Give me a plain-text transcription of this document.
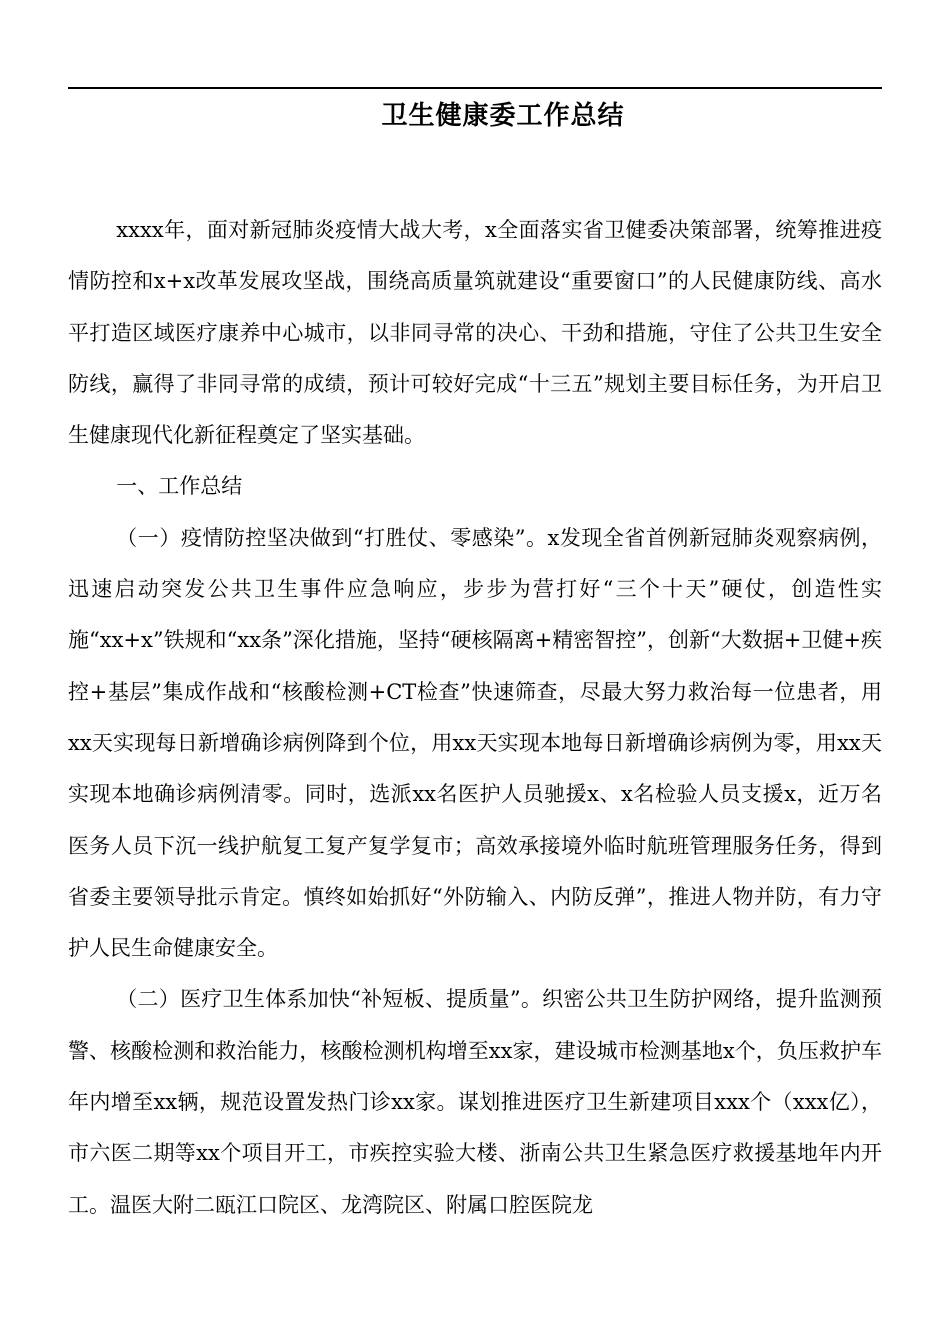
卫生健康委工作总结

xxxx年，面对新冠肺炎疫情大战大考，x全面落实省卫健委决策部署，统筹推进疫情防控和x+x改革发展攻坚战，围绕高质量筑就建设“重要窗口”的人民健康防线、高水平打造区域医疗康养中心城市，以非同寻常的决心、干劲和措施，守住了公共卫生安全防线，赢得了非同寻常的成绩，预计可较好完成“十三五”规划主要目标任务，为开启卫生健康现代化新征程奠定了坚实基础。

一、工作总结

（一）疫情防控坚决做到“打胜仗、零感染”。x发现全省首例新冠肺炎观察病例，迅速启动突发公共卫生事件应急响应，步步为营打好“三个十天”硬仗，创造性实施“xx+x”铁规和“xx条”深化措施，坚持“硬核隔离+精密智控”，创新“大数据+卫健+疾控+基层”集成作战和“核酸检测+CT检查”快速筛查，尽最大努力救治每一位患者，用xx天实现每日新增确诊病例降到个位，用xx天实现本地每日新增确诊病例为零，用xx天实现本地确诊病例清零。同时，选派xx名医护人员驰援x、x名检验人员支援x，近万名医务人员下沉一线护航复工复产复学复市；高效承接境外临时航班管理服务任务，得到省委主要领导批示肯定。慎终如始抓好“外防输入、内防反弹”，推进人物并防，有力守护人民生命健康安全。

（二）医疗卫生体系加快“补短板、提质量”。织密公共卫生防护网络，提升监测预警、核酸检测和救治能力，核酸检测机构增至xx家，建设城市检测基地x个，负压救护车年内增至xx辆，规范设置发热门诊xx家。谋划推进医疗卫生新建项目xxx个（xxx亿），市六医二期等xx个项目开工，市疾控实验大楼、浙南公共卫生紧急医疗救援基地年内开工。温医大附二瓯江口院区、龙湾院区、附属口腔医院龙
